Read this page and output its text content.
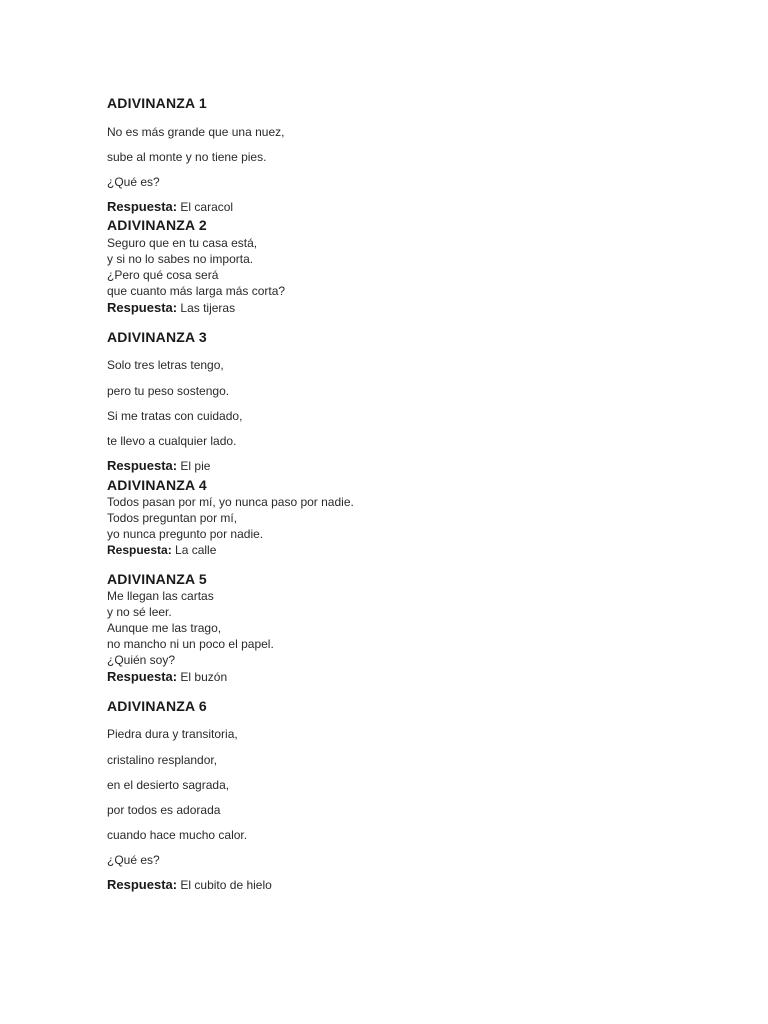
ADIVINANZA 1

No es más grande que una nuez,

sube al monte y no tiene pies.

¿Qué es?

Respuesta: El caracol

ADIVINANZA 2

Seguro que en tu casa está,

y si no lo sabes no importa.

¿Pero qué cosa será

que cuanto más larga más corta?

Respuesta: Las tijeras

ADIVINANZA 3

Solo tres letras tengo,

pero tu peso sostengo.

Si me tratas con cuidado,

te llevo a cualquier lado.

Respuesta: El pie

ADIVINANZA 4

Todos pasan por mí, yo nunca paso por nadie.

Todos preguntan por mí,

yo nunca pregunto por nadie.

Respuesta: La calle

ADIVINANZA 5

Me llegan las cartas

y no sé leer.

Aunque me las trago,

no mancho ni un poco el papel.

¿Quién soy?

Respuesta: El buzón

ADIVINANZA 6

Piedra dura y transitoria,

cristalino resplandor,

en el desierto sagrada,

por todos es adorada

cuando hace mucho calor.

¿Qué es?

Respuesta: El cubito de hielo
